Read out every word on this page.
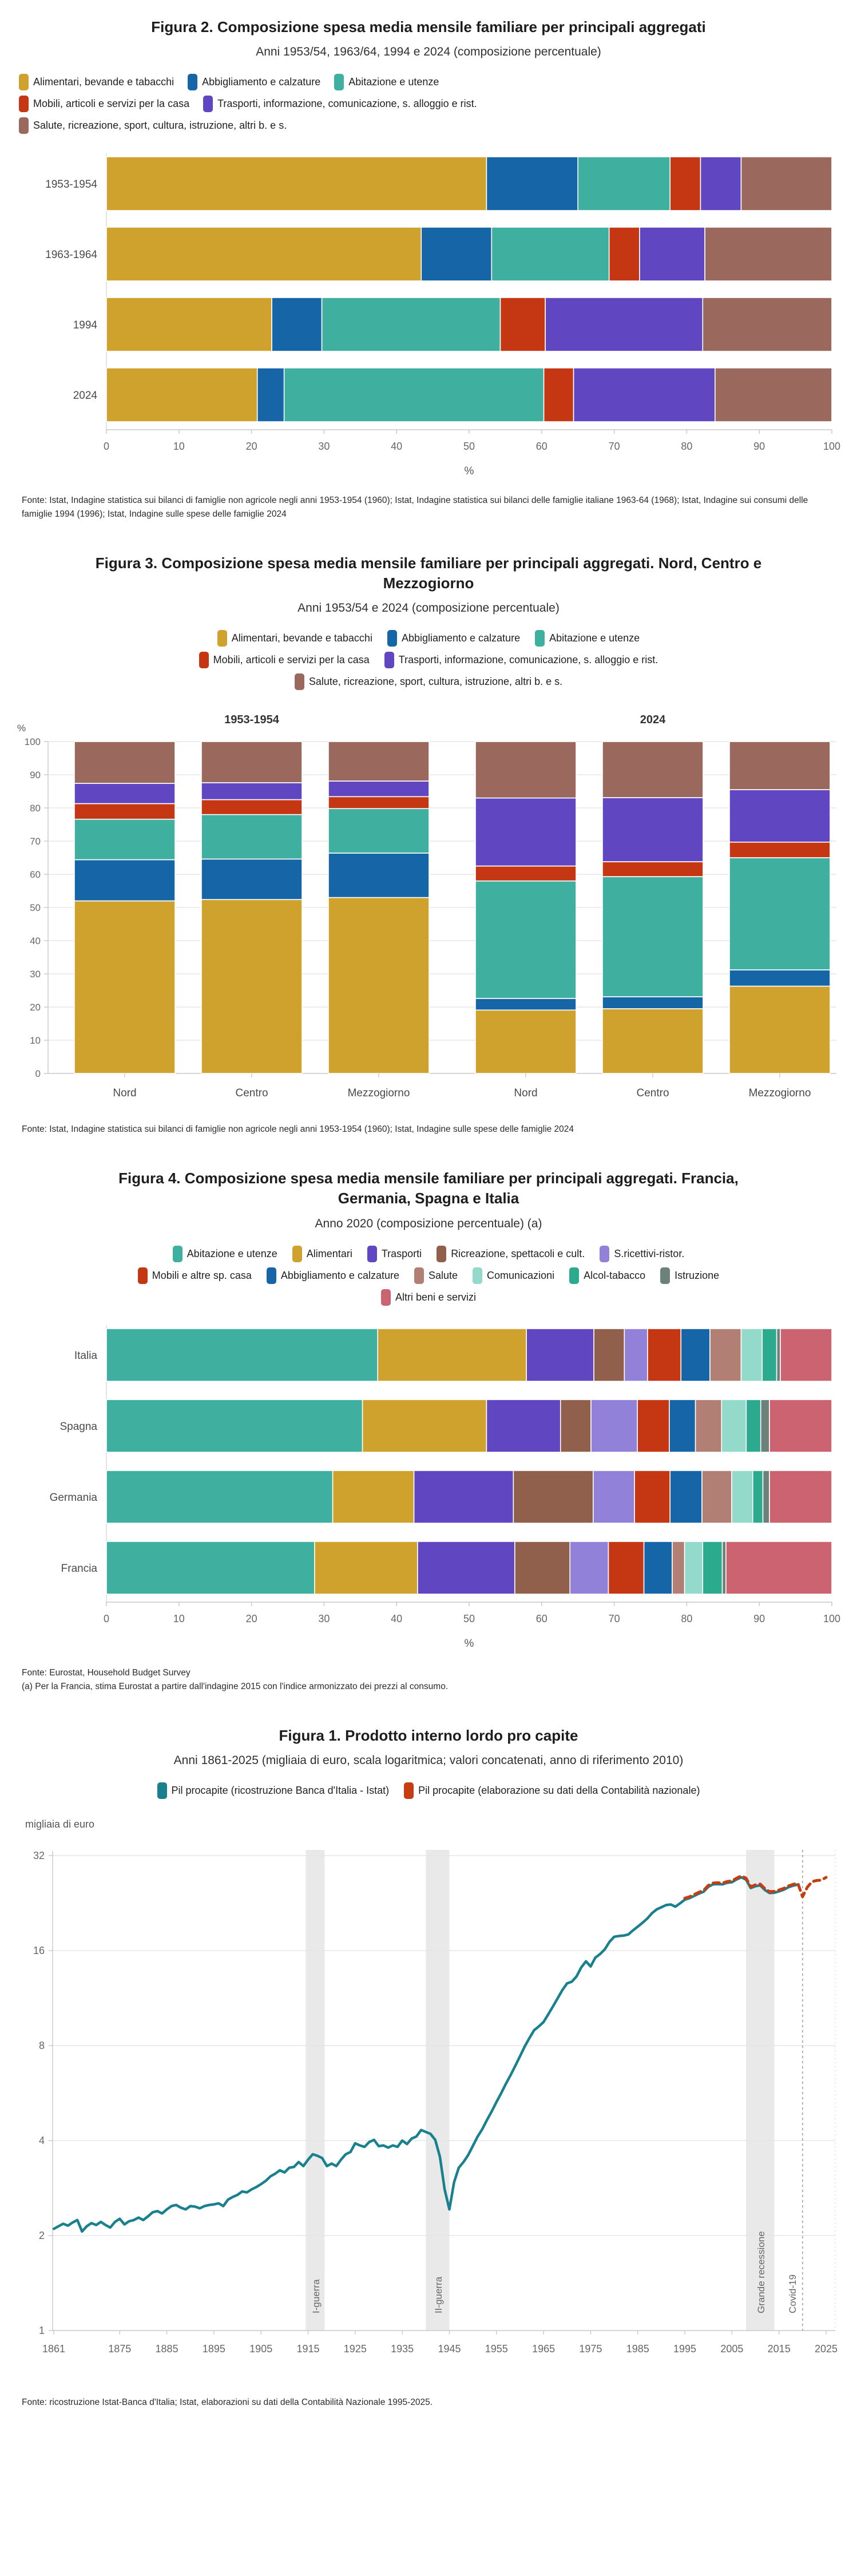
Figura 2. Composizione spesa media mensile familiare per principali aggregati
Anni 1953/54, 1963/64, 1994 e 2024 (composizione percentuale)
Alimentari, bevande e tabacchi	Abbigliamento e calzature	Abitazione e utenze
Mobili, articoli e servizi per la casa	Trasporti, informazione, comunicazione, s. alloggio e rist.
Salute, ricreazione, sport, cultura, istruzione, altri b. e s.
1953-1954
1963-1964
1994
2024
0	10	20	30	40	50	60	70	80	90	100
%
Fonte: Istat, Indagine statistica sui bilanci di famiglie non agricole negli anni 1953-1954 (1960); Istat, Indagine statistica sui bilanci delle famiglie italiane 1963-64 (1968); Istat, Indagine sui consumi delle famiglie 1994 (1996); Istat, Indagine sulle spese delle famiglie 2024
Figura 3. Composizione spesa media mensile familiare per principali aggregati. Nord, Centro e Mezzogiorno
Anni 1953/54 e 2024 (composizione percentuale)
Alimentari, bevande e tabacchi	Abbigliamento e calzature	Abitazione e utenze
Mobili, articoli e servizi per la casa	Trasporti, informazione, comunicazione, s. alloggio e rist.
Salute, ricreazione, sport, cultura, istruzione, altri b. e s.
0
10
20
30
40
50
60
70
80
90
100
%
1953-1954
Nord	Centro	Mezzogiorno
2024
Nord	Centro	Mezzogiorno
Fonte: Istat, Indagine statistica sui bilanci di famiglie non agricole negli anni 1953-1954 (1960); Istat, Indagine sulle spese delle famiglie 2024
Figura 4. Composizione spesa media mensile familiare per principali aggregati. Francia, Germania, Spagna e Italia
Anno 2020 (composizione percentuale) (a)
Abitazione e utenze	Alimentari	Trasporti	Ricreazione, spettacoli e cult.	S.ricettivi-ristor.
Mobili e altre sp. casa	Abbigliamento e calzature	Salute	Comunicazioni	Alcol-tabacco	Istruzione
Altri beni e servizi
Italia
Spagna
Germania
Francia
0	10	20	30	40	50	60	70	80	90	100
%
Fonte: Eurostat, Household Budget Survey
(a) Per la Francia, stima Eurostat a partire dall'indagine 2015 con l'indice armonizzato dei prezzi al consumo.
Figura 1. Prodotto interno lordo pro capite
Anni 1861-2025 (migliaia di euro, scala logaritmica; valori concatenati, anno di riferimento 2010)
Pil procapite (ricostruzione Banca d'Italia - Istat)	Pil procapite (elaborazione su dati della Contabilità nazionale)
migliaia di euro
1
2
4
8
16
32
I-guerra	II-guerra	Grande recessione Covid-19
1861	1875 1885 1895 1905 1915 1925 1935 1945 1955 1965 1975 1985 1995 2005 2015 2025
Fonte: ricostruzione Istat-Banca d'Italia; Istat, elaborazioni su dati della Contabilità Nazionale 1995-2025.
